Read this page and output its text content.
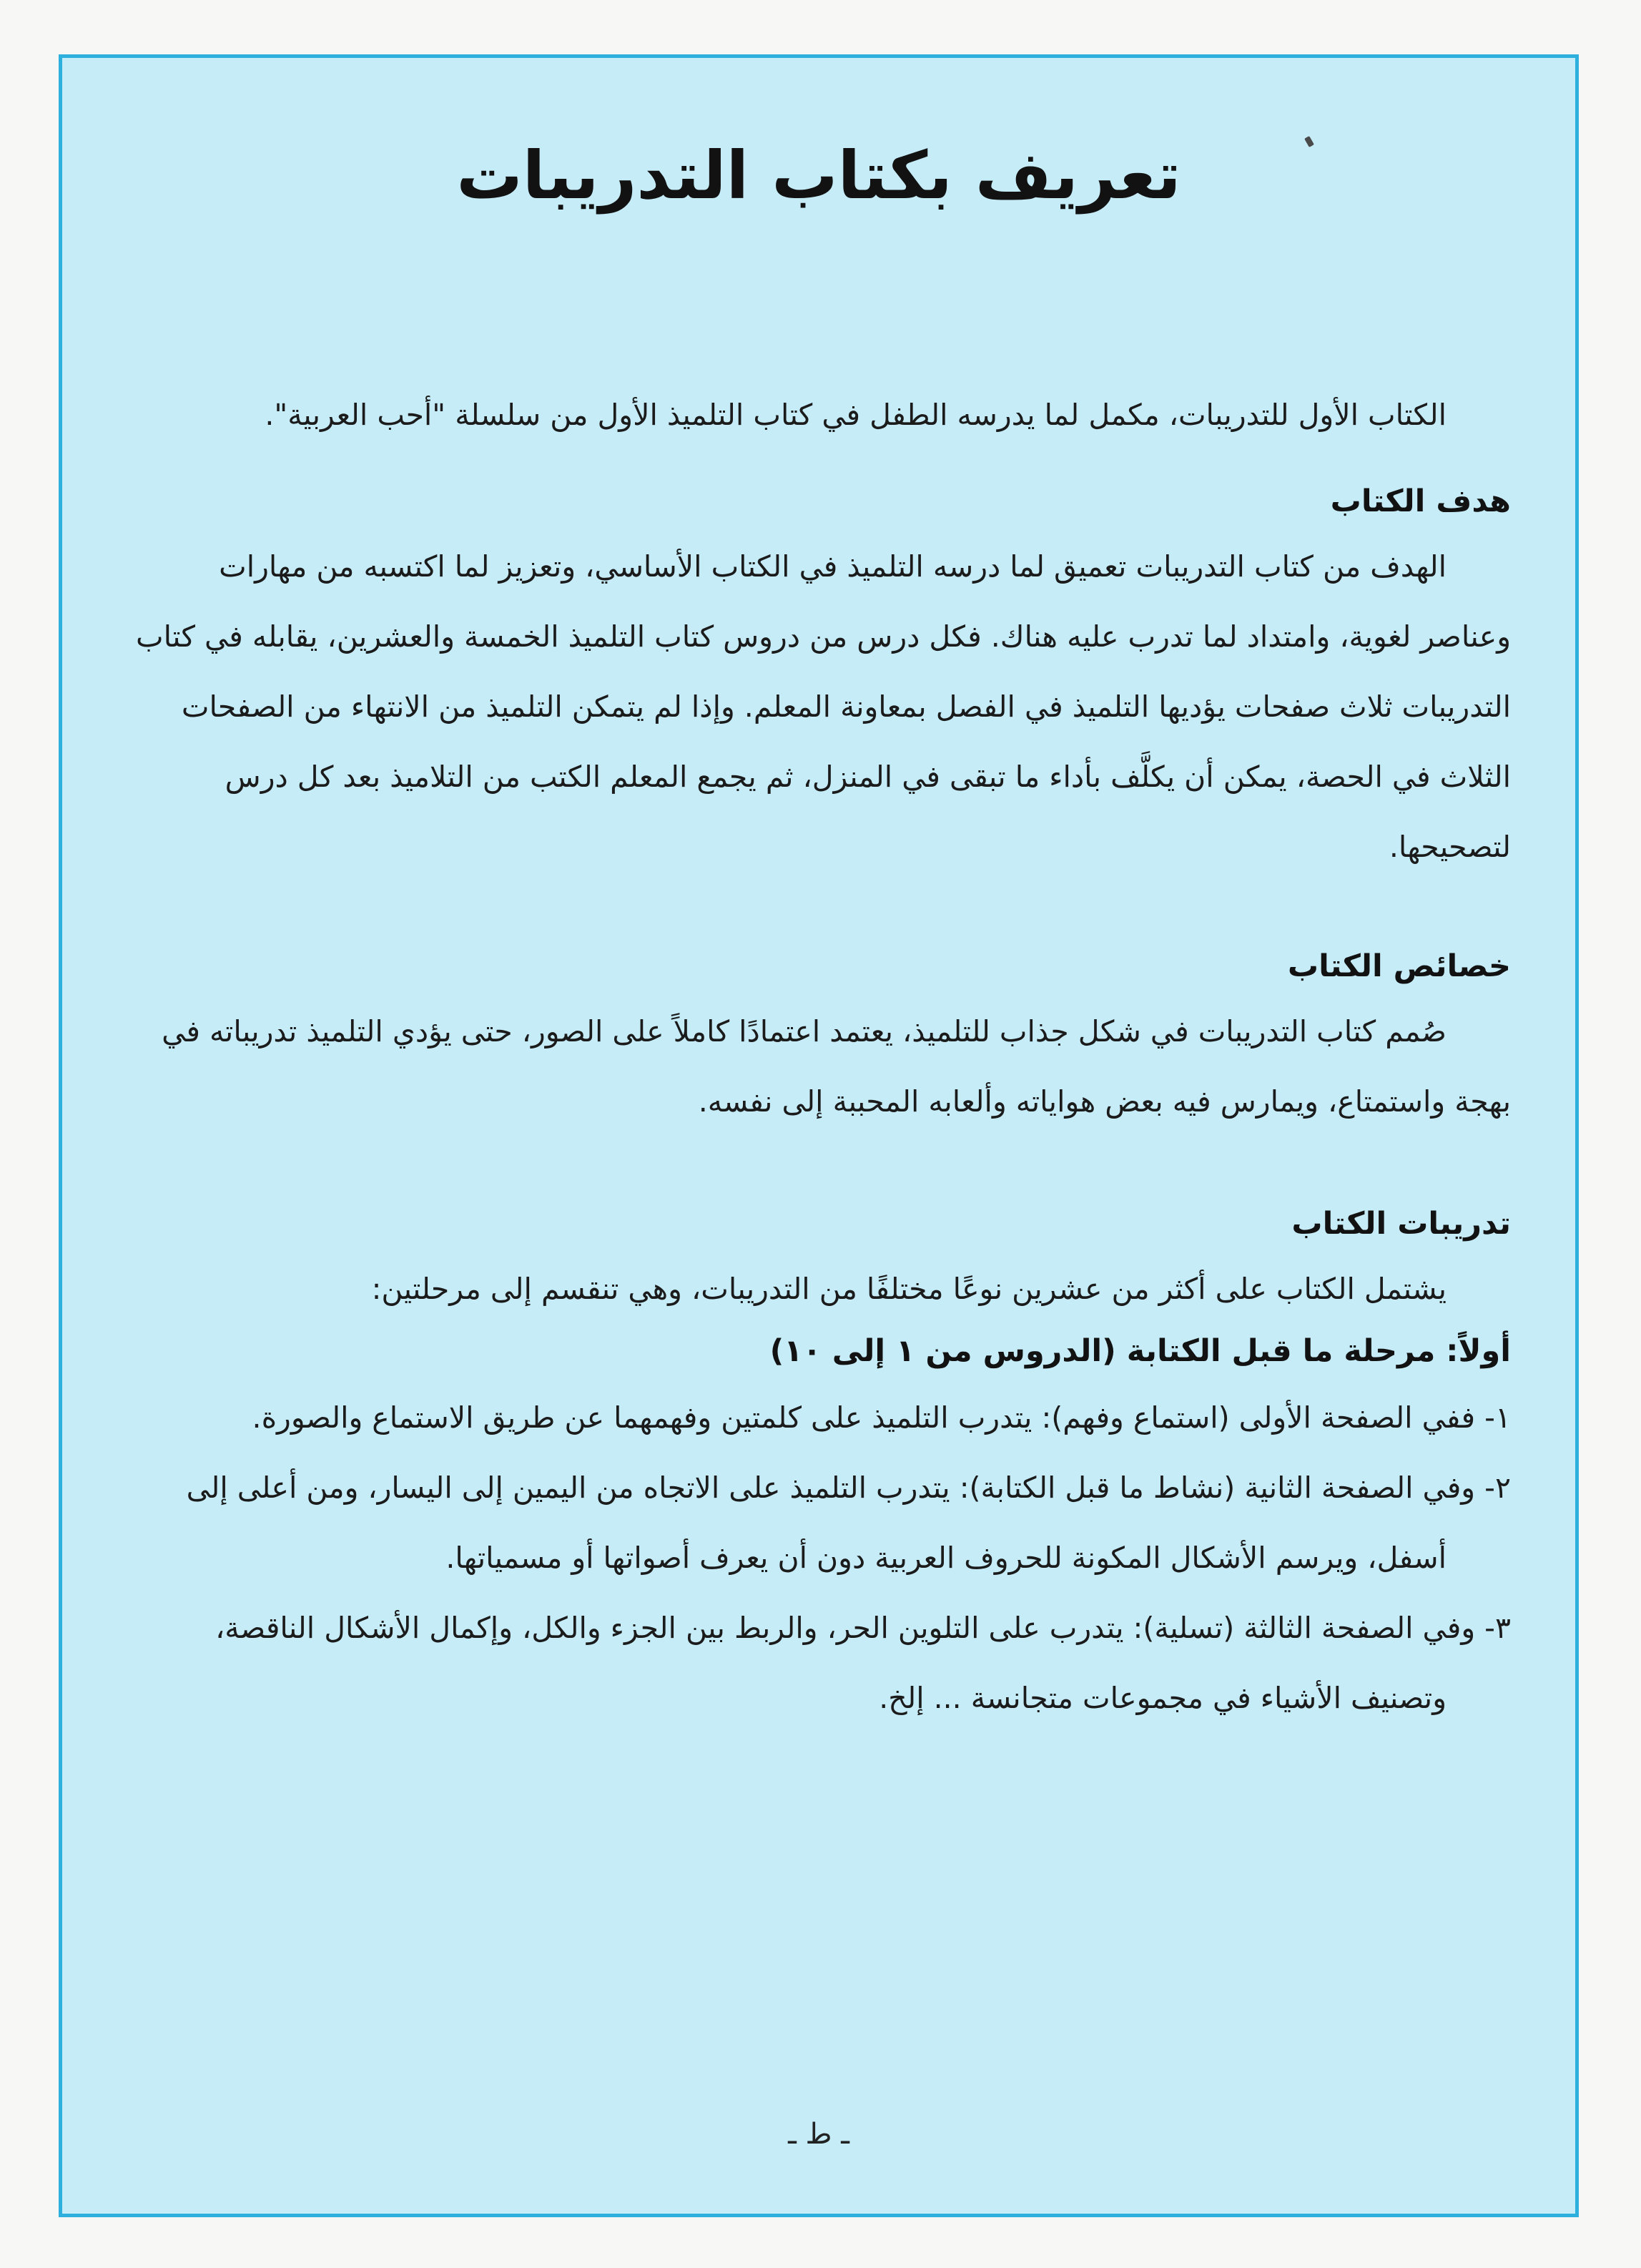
تعريف بكتاب التدريبات

الكتاب الأول للتدريبات، مكمل لما يدرسه الطفل في كتاب التلميذ الأول من سلسلة "أحب العربية".

هدف الكتاب

الهدف من كتاب التدريبات تعميق لما درسه التلميذ في الكتاب الأساسي، وتعزيز لما اكتسبه من مهارات وعناصر لغوية، وامتداد لما تدرب عليه هناك. فكل درس من دروس كتاب التلميذ الخمسة والعشرين، يقابله في كتاب التدريبات ثلاث صفحات يؤديها التلميذ في الفصل بمعاونة المعلم. وإذا لم يتمكن التلميذ من الانتهاء من الصفحات الثلاث في الحصة، يمكن أن يكلَّف بأداء ما تبقى في المنزل، ثم يجمع المعلم الكتب من التلاميذ بعد كل درس لتصحيحها.

خصائص الكتاب

صُمم كتاب التدريبات في شكل جذاب للتلميذ، يعتمد اعتمادًا كاملاً على الصور، حتى يؤدي التلميذ تدريباته في بهجة واستمتاع، ويمارس فيه بعض هواياته وألعابه المحببة إلى نفسه.

تدريبات الكتاب

يشتمل الكتاب على أكثر من عشرين نوعًا مختلفًا من التدريبات، وهي تنقسم إلى مرحلتين:

أولاً: مرحلة ما قبل الكتابة (الدروس من ١ إلى ١٠)

١- ففي الصفحة الأولى (استماع وفهم): يتدرب التلميذ على كلمتين وفهمهما عن طريق الاستماع والصورة.

٢- وفي الصفحة الثانية (نشاط ما قبل الكتابة): يتدرب التلميذ على الاتجاه من اليمين إلى اليسار، ومن أعلى إلى أسفل، ويرسم الأشكال المكونة للحروف العربية دون أن يعرف أصواتها أو مسمياتها.

٣- وفي الصفحة الثالثة (تسلية): يتدرب على التلوين الحر، والربط بين الجزء والكل، وإكمال الأشكال الناقصة، وتصنيف الأشياء في مجموعات متجانسة ... إلخ.

ـ ط ـ
